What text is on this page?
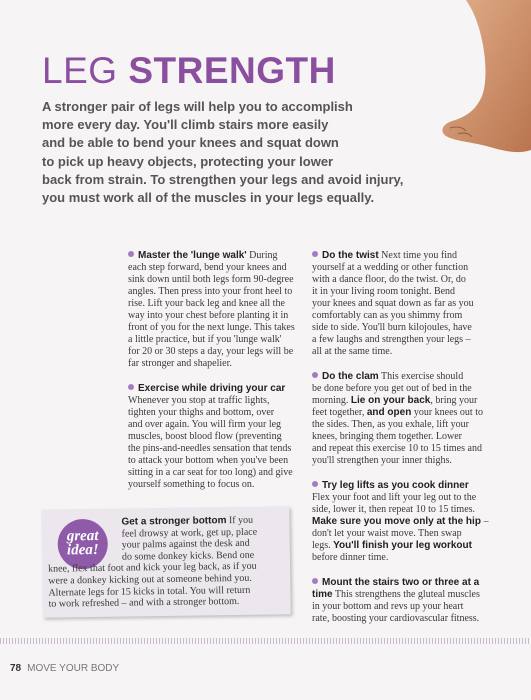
LEG STRENGTH

A stronger pair of legs will help you to accomplish
more every day. You'll climb stairs more easily
and be able to bend your knees and squat down
to pick up heavy objects, protecting your lower
back from strain. To strengthen your legs and avoid injury,
you must work all of the muscles in your legs equally.

Master the 'lunge walk' During
each step forward, bend your knees and
sink down until both legs form 90-degree
angles. Then press into your front heel to
rise. Lift your back leg and knee all the
way into your chest before planting it in
front of you for the next lunge. This takes
a little practice, but if you 'lunge walk'
for 20 or 30 steps a day, your legs will be
far stronger and shapelier.

Exercise while driving your car
Whenever you stop at traffic lights,
tighten your thighs and bottom, over
and over again. You will firm your leg
muscles, boost blood flow (preventing
the pins-and-needles sensation that tends
to attack your bottom when you've been
sitting in a car seat for too long) and give
yourself something to focus on.

Do the twist Next time you find
yourself at a wedding or other function
with a dance floor, do the twist. Or, do
it in your living room tonight. Bend
your knees and squat down as far as you
comfortably can as you shimmy from
side to side. You'll burn kilojoules, have
a few laughs and strengthen your legs –
all at the same time.

Do the clam This exercise should
be done before you get out of bed in the
morning. Lie on your back, bring your
feet together, and open your knees out to
the sides. Then, as you exhale, lift your
knees, bringing them together. Lower
and repeat this exercise 10 to 15 times and
you'll strengthen your inner thighs.

Try leg lifts as you cook dinner
Flex your foot and lift your leg out to the
side, lower it, then repeat 10 to 15 times.
Make sure you move only at the hip –
don't let your waist move. Then swap
legs. You'll finish your leg workout
before dinner time.

Mount the stairs two or three at a
time This strengthens the gluteal muscles
in your bottom and revs up your heart
rate, boosting your cardiovascular fitness.

great
idea!

Get a stronger bottom If you
feel drowsy at work, get up, place
your palms against the desk and
do some donkey kicks. Bend one
knee, flex that foot and kick your leg back, as if you
were a donkey kicking out at someone behind you.
Alternate legs for 15 kicks in total. You will return
to work refreshed – and with a stronger bottom.

78 MOVE YOUR BODY
